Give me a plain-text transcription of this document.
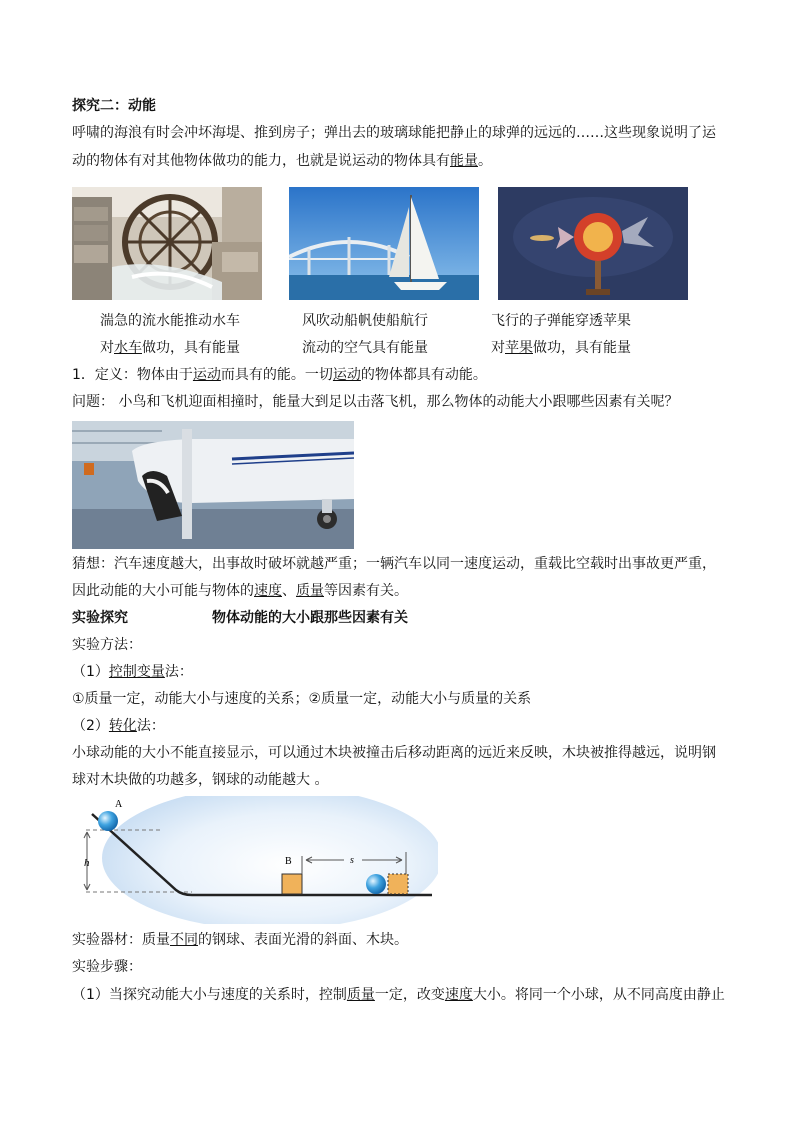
探究二：动能
呼啸的海浪有时会冲坏海堤、推到房子；弹出去的玻璃球能把静止的球弹的远远的……这些现象说明了运
动的物体有对其他物体做功的能力，也就是说运动的物体具有能量。
湍急的流水能推动水车
对水车做功，具有能量
风吹动船帆使船航行
流动的空气具有能量
飞行的子弹能穿透苹果
对苹果做功，具有能量
1．定义：物体由于运动而具有的能。一切运动的物体都具有动能。
问题： 小鸟和飞机迎面相撞时，能量大到足以击落飞机，那么物体的动能大小跟哪些因素有关呢？
猜想：汽车速度越大，出事故时破坏就越严重；一辆汽车以同一速度运动，重载比空载时出事故更严重，
因此动能的大小可能与物体的速度、质量等因素有关。
实验探究	物体动能的大小跟那些因素有关
实验方法：
（1）控制变量法：
①质量一定，动能大小与速度的关系；②质量一定，动能大小与质量的关系
（2）转化法：
小球动能的大小不能直接显示，可以通过木块被撞击后移动距离的远近来反映，木块被推得越远，说明钢
球对木块做的功越多，钢球的动能越大 。
h
A
B	s
实验器材：质量不同的钢球、表面光滑的斜面、木块。
实验步骤：
（1）当探究动能大小与速度的关系时，控制质量一定，改变速度大小。将同一个小球，从不同高度由静止
